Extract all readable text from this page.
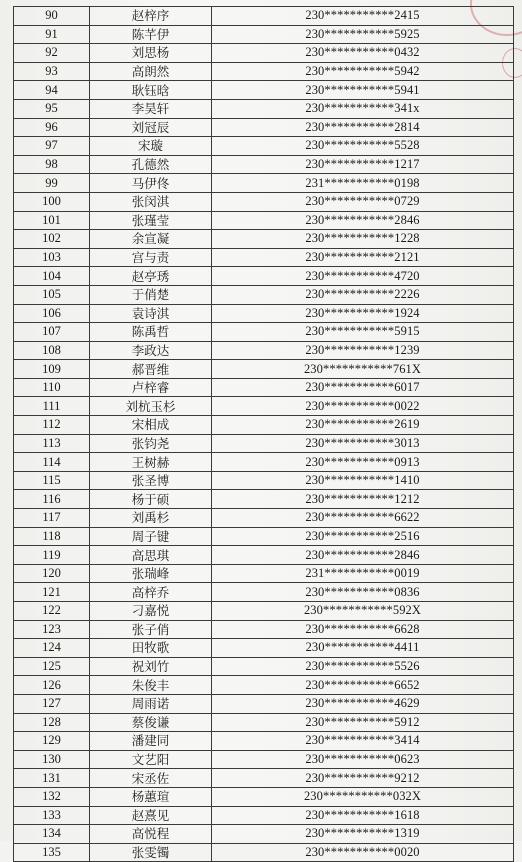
90	赵梓序	230***********2415
91	陈芊伊	230***********5925
92	刘思杨	230***********0432
93	高朗然	230***********5942
94	耿钰晗	230***********5941
95	李昊轩	230***********341x
96	刘冠辰	230***********2814
97	宋璇	230***********5528
98	孔德然	230***********1217
99	马伊佟	231***********0198
100	张闵淇	230***********0729
101	张瑾莹	230***********2846
102	余宣凝	230***********1228
103	宫与责	230***********2121
104	赵亭琇	230***********4720
105	于俏楚	230***********2226
106	袁诗淇	230***********1924
107	陈禹哲	230***********5915
108	李政达	230***********1239
109	郝晋维	230***********761X
110	卢梓睿	230***********6017
111	刘杭玉杉	230***********0022
112	宋相成	230***********2619
113	张钧尧	230***********3013
114	王树赫	230***********0913
115	张圣博	230***********1410
116	杨于硕	230***********1212
117	刘禹杉	230***********6622
118	周子键	230***********2516
119	高思琪	230***********2846
120	张瑞峰	231***********0019
121	高梓乔	230***********0836
122	刁嘉悦	230***********592X
123	张子俏	230***********6628
124	田牧歌	230***********4411
125	祝刘竹	230***********5526
126	朱俊丰	230***********6652
127	周雨诺	230***********4629
128	蔡俊谦	230***********5912
129	潘建同	230***********3414
130	文艺阳	230***********0623
131	宋丞佐	230***********9212
132	杨蕙瑄	230***********032X
133	赵熹见	230***********1618
134	高悦程	230***********1319
135	张雯镯	230***********0020
